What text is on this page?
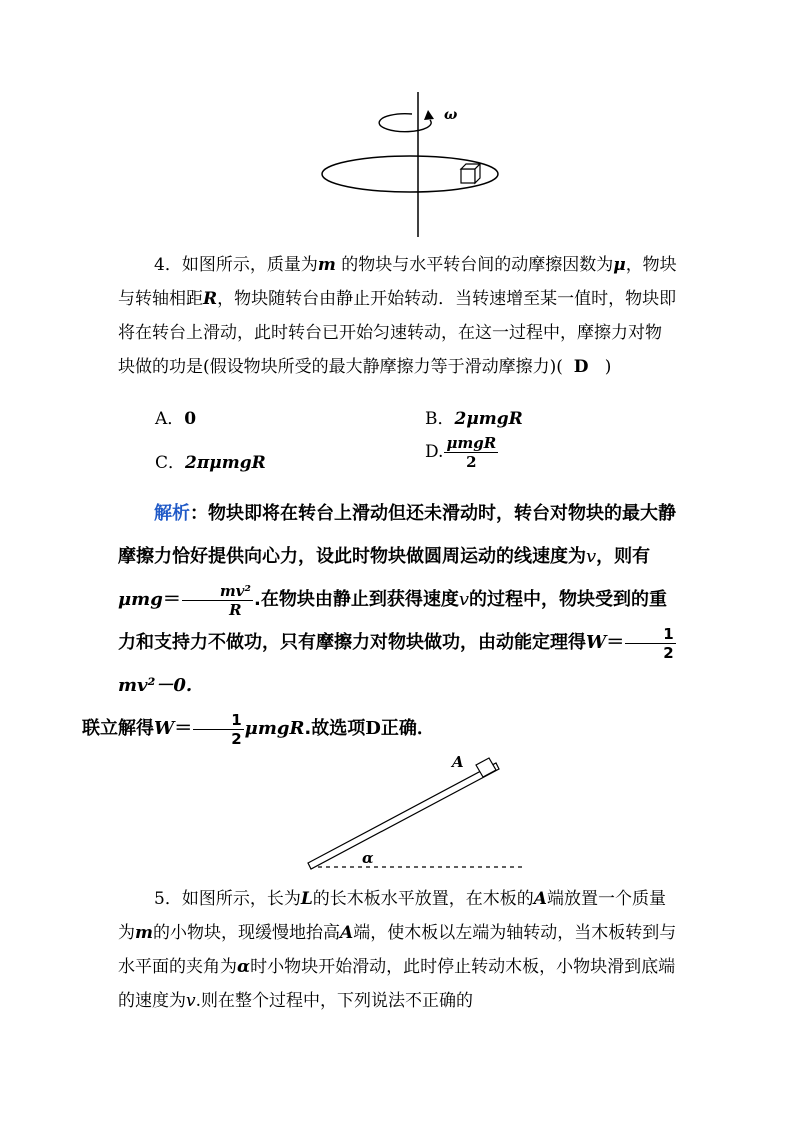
ω
4．如图所示，质量为m 的物块与水平转台间的动摩擦因数为μ，物块与转轴相距R，物块随转台由静止开始转动．当转速增至某一值时，物块即将在转台上滑动，此时转台已开始匀速转动，在这一过程中，摩擦力对物块做的功是(假设物块所受的最大静摩擦力等于滑动摩擦力)( D )
A．0	B．2μmgR
C．2πμmgR
D. $\frac{\text{μmgR}}{2}$
解析：物块即将在转台上滑动但还未滑动时，转台对物块的最大静摩擦力恰好提供向心力，设此时物块做圆周运动的线速度为v，则有$\mu mg= \frac{\text{mv²}}{R}$ .在物块由静止到获得速度v的过程中，物块受到的重力和支持力不做功，只有摩擦力对物块做功，由动能定理得$W= \frac{1}{2}$
mv²－0.
联立解得$W= \frac{1}{2} \mu mgR$.故选项D正确．
A
α
5．如图所示，长为L的长木板水平放置，在木板的A端放置一个质量为m的小物块，现缓慢地抬高A端，使木板以左端为轴转动，当木板转到与水平面的夹角为α时小物块开始滑动，此时停止转动木板，小物块滑到底端的速度为v.则在整个过程中，下列说法不正确的
